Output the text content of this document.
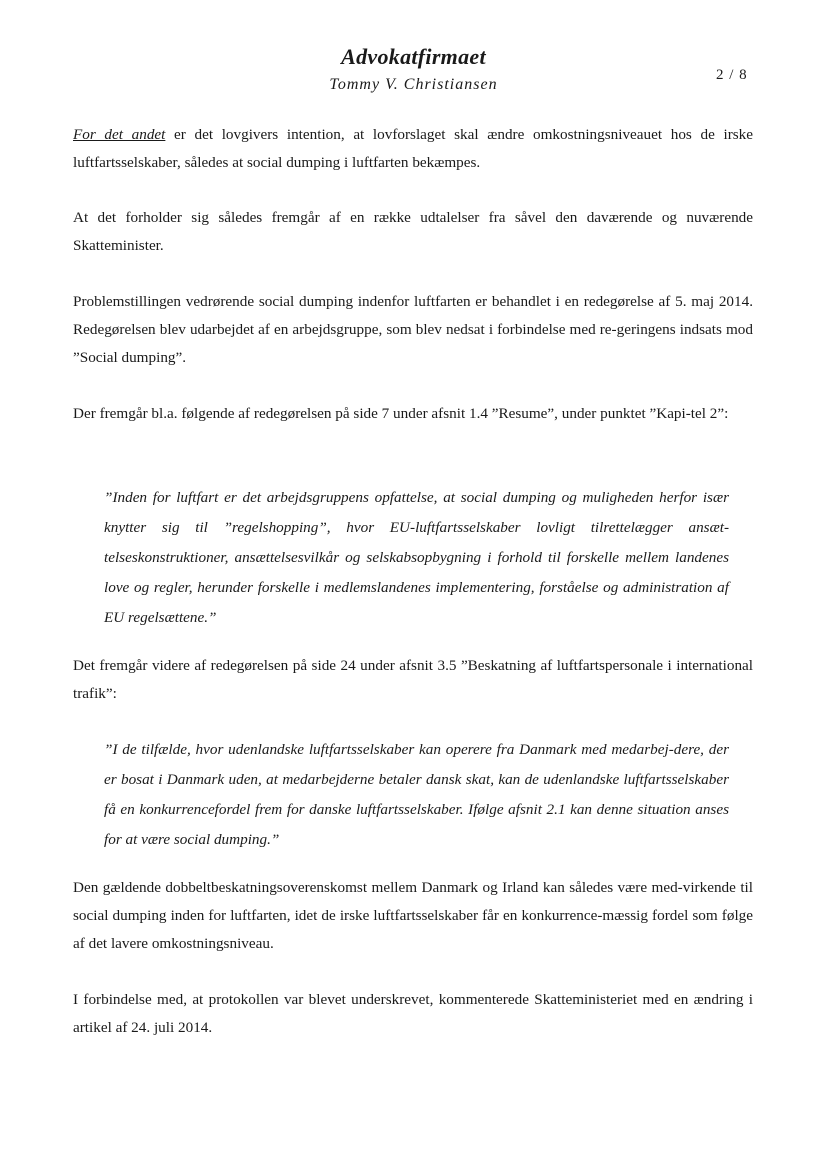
Advokatfirmaet
Tommy V. Christiansen
2 / 8
For det andet er det lovgivers intention, at lovforslaget skal ændre omkostningsniveauet hos de irske luftfartsselskaber, således at social dumping i luftfarten bekæmpes.
At det forholder sig således fremgår af en række udtalelser fra såvel den daværende og nuværende Skatteminister.
Problemstillingen vedrørende social dumping indenfor luftfarten er behandlet i en redegørelse af 5. maj 2014. Redegørelsen blev udarbejdet af en arbejdsgruppe, som blev nedsat i forbindelse med re-geringens indsats mod ”Social dumping”.
Der fremgår bl.a. følgende af redegørelsen på side 7 under afsnit 1.4 ”Resume”, under punktet ”Kapi-tel 2”:
”Inden for luftfart er det arbejdsgruppens opfattelse, at social dumping og muligheden herfor især knytter sig til ”regelshopping”, hvor EU-luftfartsselskaber lovligt tilrettelægger ansæt-telseskonstruktioner, ansættelsesvilkår og selskabsopbygning i forhold til forskelle mellem landenes love og regler, herunder forskelle i medlemslandenes implementering, forståelse og administration af EU regelsættene.”
Det fremgår videre af redegørelsen på side 24 under afsnit 3.5 ”Beskatning af luftfartspersonale i international trafik”:
”I de tilfælde, hvor udenlandske luftfartsselskaber kan operere fra Danmark med medarbej-dere, der er bosat i Danmark uden, at medarbejderne betaler dansk skat, kan de udenlandske luftfartsselskaber få en konkurrencefordel frem for danske luftfartsselskaber. Ifølge afsnit 2.1 kan denne situation anses for at være social dumping.”
Den gældende dobbeltbeskatningsoverenskomst mellem Danmark og Irland kan således være med-virkende til social dumping inden for luftfarten, idet de irske luftfartsselskaber får en konkurrence-mæssig fordel som følge af det lavere omkostningsniveau.
I forbindelse med, at protokollen var blevet underskrevet, kommenterede Skatteministeriet med en ændring i artikel af 24. juli 2014.
